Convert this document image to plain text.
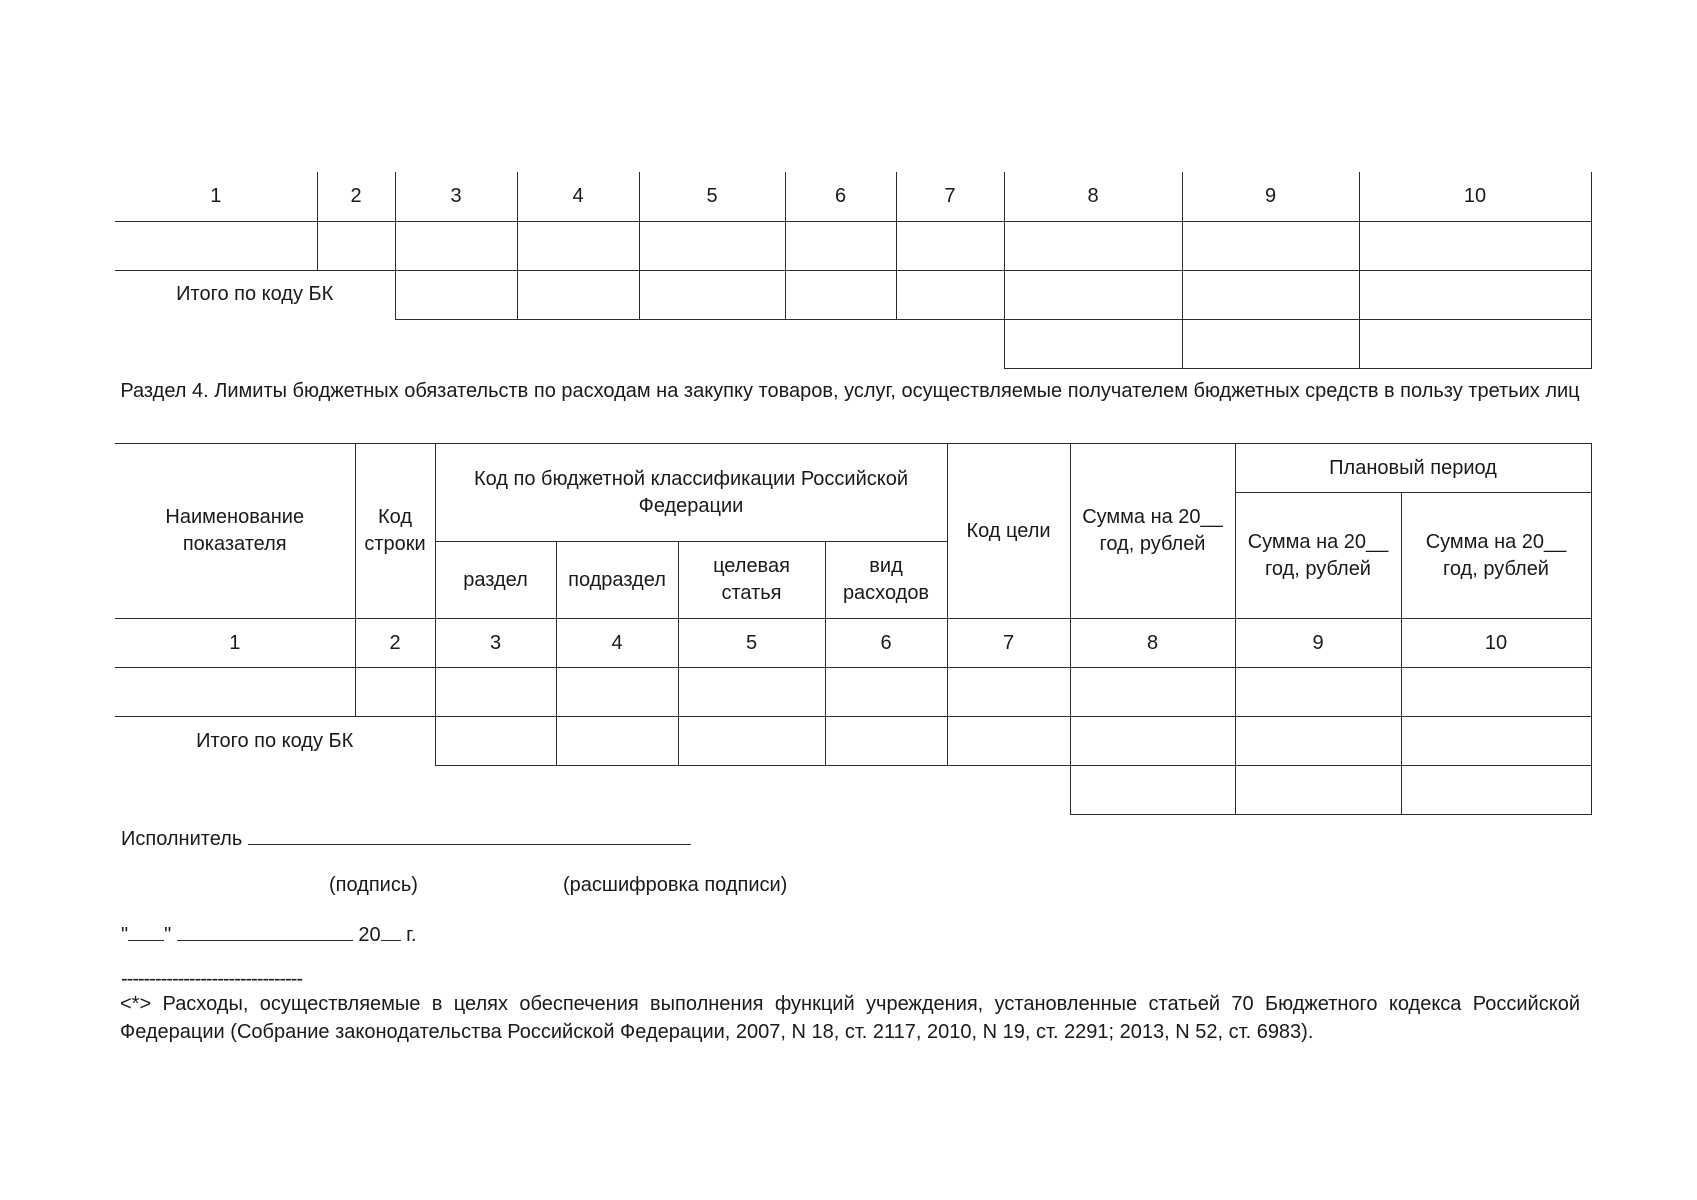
1	2	3	4	5	6	7	8	9	10

Итого по коду БК									

Раздел 4. Лимиты бюджетных обязательств по расходам на закупку товаров, услуг, осуществляемые получателем бюджетных средств в пользу третьих лиц
Наименование показателя	Код строки	Код по бюджетной классификации Российской Федерации				Код цели	Сумма на 20__ год, рублей	Плановый период	
								Сумма на 20__ год, рублей	Сумма на 20__ год, рублей
		раздел	подраздел	целевая статья	вид расходов				
1	2	3	4	5	6	7	8	9	10

Итого по коду БК									

Исполнитель
(подпись)	(расшифровка подписи)
" "	20 г.
--------------------------------
<*> Расходы, осуществляемые в целях обеспечения выполнения функций учреждения, установленные статьей 70 Бюджетного кодекса Российской Федерации (Собрание законодательства Российской Федерации, 2007, N 18, ст. 2117, 2010, N 19, ст. 2291; 2013, N 52, ст. 6983).
